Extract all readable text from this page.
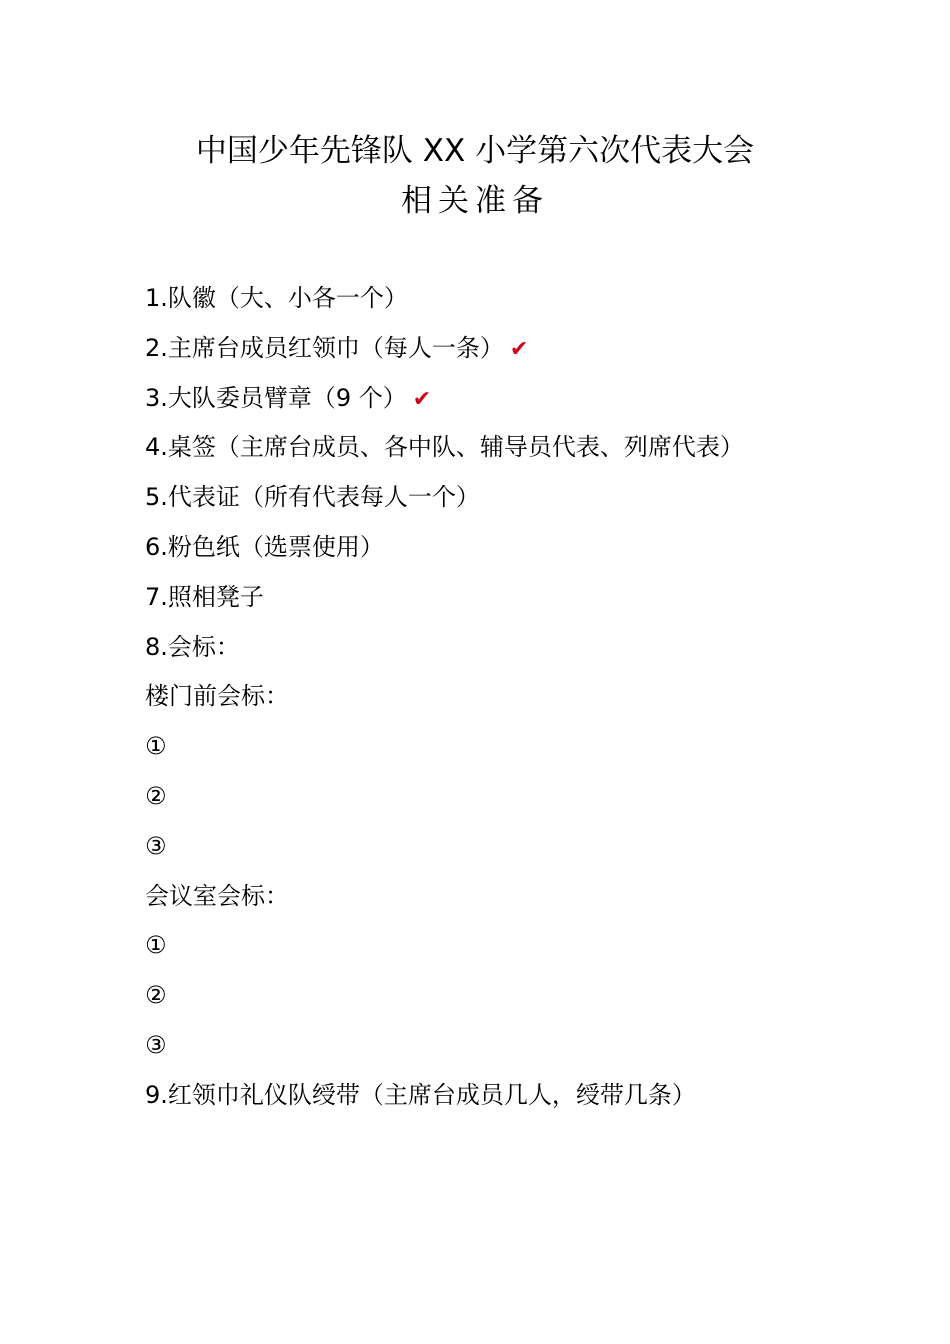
中国少年先锋队 XX 小学第六次代表大会
相关准备
1.队徽（大、小各一个）
2.主席台成员红领巾（每人一条） ✔
3.大队委员臂章（9 个） ✔
4.桌签（主席台成员、各中队、辅导员代表、列席代表）
5.代表证（所有代表每人一个）
6.粉色纸（选票使用）
7.照相凳子
8.会标：
楼门前会标：
①
②
③
会议室会标：
①
②
③
9.红领巾礼仪队绶带（主席台成员几人，绶带几条）
